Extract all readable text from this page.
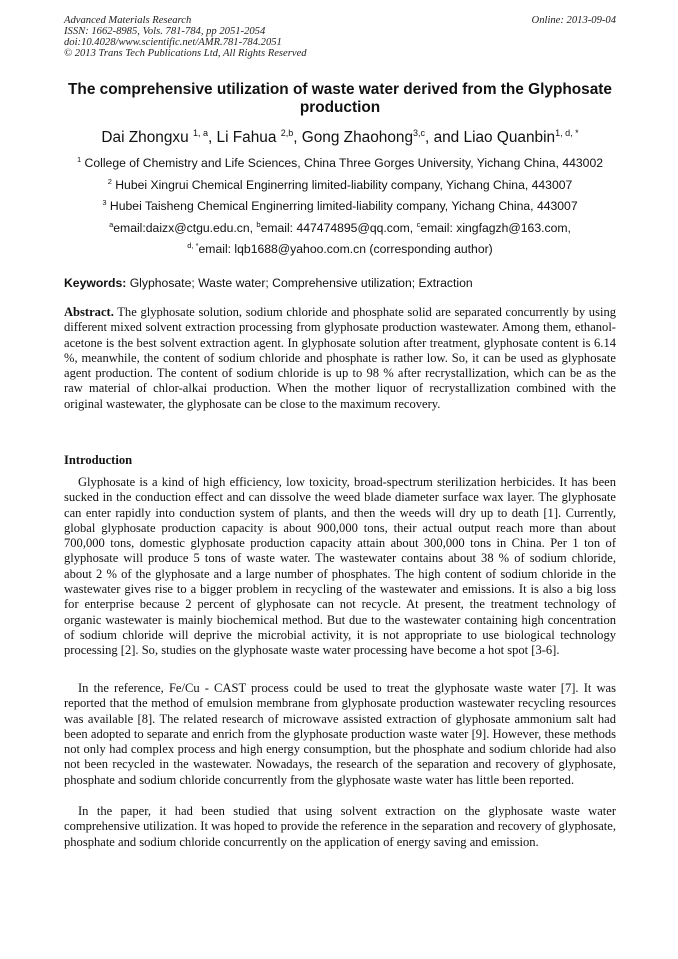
Advanced Materials Research
ISSN: 1662-8985, Vols. 781-784, pp 2051-2054
doi:10.4028/www.scientific.net/AMR.781-784.2051
© 2013 Trans Tech Publications Ltd, All Rights Reserved
Online: 2013-09-04
The comprehensive utilization of waste water derived from the Glyphosate production
Dai Zhongxu $^{1, a}$, Li Fahua $^{2,b}$, Gong Zhaohong$^{3,c}$, and Liao Quanbin$^{1, d, *}$
$^1$ College of Chemistry and Life Sciences, China Three Gorges University, Yichang China, 443002
$^2$ Hubei Xingrui Chemical Enginerring limited-liability company, Yichang China, 443007
$^3$ Hubei Taisheng Chemical Enginerring limited-liability company, Yichang China, 443007
$^a$email:daizx@ctgu.edu.cn, $^b$email: 447474895@qq.com, $^c$email: xingfagzh@163.com,
$^{d, *}$email: lqb1688@yahoo.com.cn (corresponding author)
Keywords: Glyphosate; Waste water; Comprehensive utilization; Extraction
Abstract. The glyphosate solution, sodium chloride and phosphate solid are separated concurrently by using different mixed solvent extraction processing from glyphosate production wastewater. Among them, ethanol-acetone is the best solvent extraction agent. In glyphosate solution after treatment, glyphosate content is 6.14 %, meanwhile, the content of sodium chloride and phosphate is rather low. So, it can be used as glyphosate agent production. The content of sodium chloride is up to 98 % after recrystallization, which can be as the raw material of chlor-alkai production. When the mother liquor of recrystallization combined with the original wastewater, the glyphosate can be close to the maximum recovery.
Introduction
Glyphosate is a kind of high efficiency, low toxicity, broad-spectrum sterilization herbicides. It has been sucked in the conduction effect and can dissolve the weed blade diameter surface wax layer. The glyphosate can enter rapidly into conduction system of plants, and then the weeds will dry up to death [1]. Currently, global glyphosate production capacity is about 900,000 tons, their actual output reach more than about 700,000 tons, domestic glyphosate production capacity attain about 300,000 tons in China. Per 1 ton of glyphosate will produce 5 tons of waste water. The wastewater contains about 38 % of sodium chloride, about 2 % of the glyphosate and a large number of phosphates. The high content of sodium chloride in the wastewater gives rise to a bigger problem in recycling of the wastewater and emissions. It is also a big loss for enterprise because 2 percent of glyphosate can not recycle. At present, the treatment technology of organic wastewater is mainly biochemical method. But due to the wastewater containing high concentration of sodium chloride will deprive the microbial activity, it is not appropriate to use biological technology processing [2]. So, studies on the glyphosate waste water processing have become a hot spot [3-6].
In the reference, Fe/Cu - CAST process could be used to treat the glyphosate waste water [7]. It was reported that the method of emulsion membrane from glyphosate production wastewater recycling resources was available [8]. The related research of microwave assisted extraction of glyphosate ammonium salt had been adopted to separate and enrich from the glyphosate production waste water [9]. However, these methods not only had complex process and high energy consumption, but the phosphate and sodium chloride had also not been recycled in the wastewater. Nowadays, the research of the separation and recovery of glyphosate, phosphate and sodium chloride concurrently from the glyphosate waste water has little been reported.
In the paper, it had been studied that using solvent extraction on the glyphosate waste water comprehensive utilization. It was hoped to provide the reference in the separation and recovery of glyphosate, phosphate and sodium chloride concurrently on the application of energy saving and emission.
